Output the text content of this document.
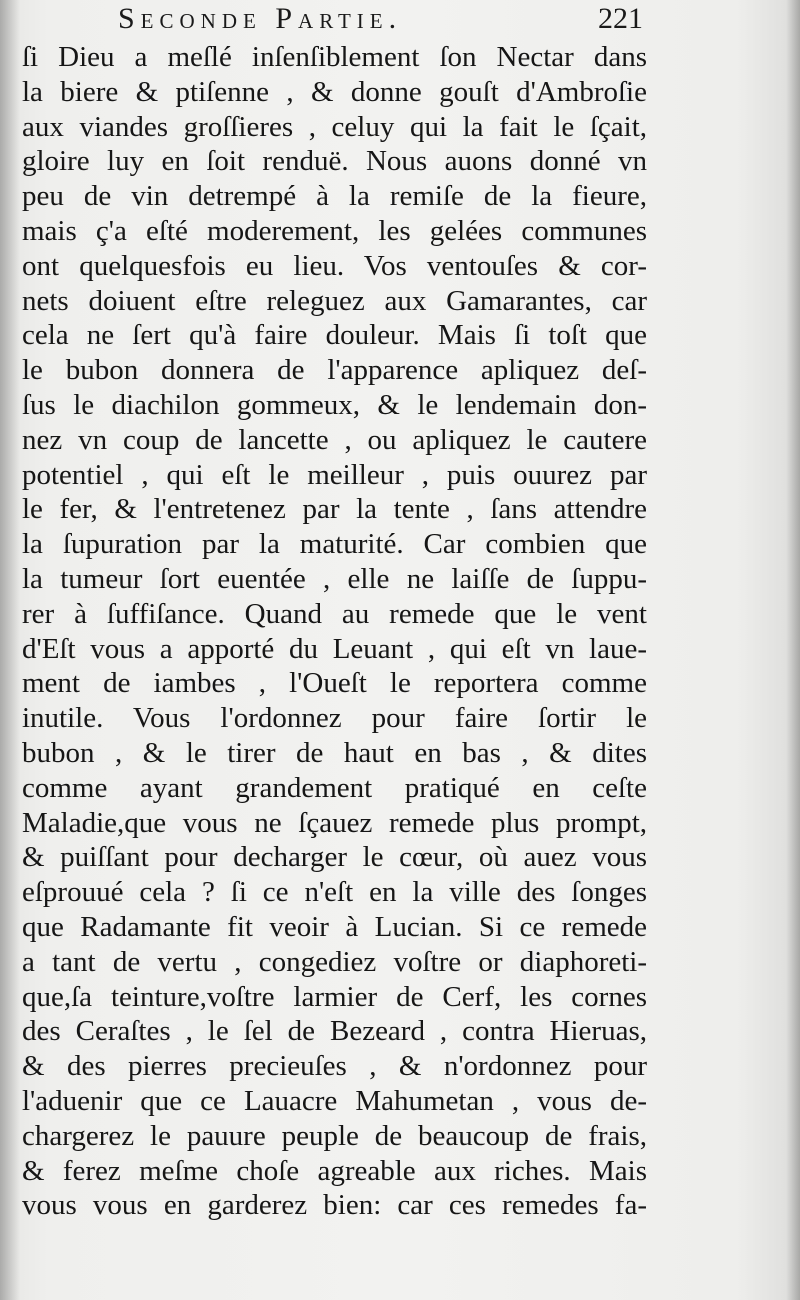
Seconde Partie.	221
ſi Dieu a meſlé inſenſiblement ſon Nectar dans
la biere & ptiſenne , & donne gouſt d'Ambroſie
aux viandes groſſieres , celuy qui la fait le ſçait,
gloire luy en ſoit renduë. Nous auons donné vn
peu de vin detrempé à la remiſe de la fieure,
mais ç'a eſté moderement, les gelées communes
ont quelquesfois eu lieu. Vos ventouſes & cor-
nets doiuent eſtre releguez aux Gamarantes, car
cela ne ſert qu'à faire douleur. Mais ſi toſt que
le bubon donnera de l'apparence apliquez deſ-
ſus le diachilon gommeux, & le lendemain don-
nez vn coup de lancette , ou apliquez le cautere
potentiel , qui eſt le meilleur , puis ouurez par
le fer, & l'entretenez par la tente , ſans attendre
la ſupuration par la maturité. Car combien que
la tumeur ſort euentée , elle ne laiſſe de ſuppu-
rer à ſuffiſance. Quand au remede que le vent
d'Eſt vous a apporté du Leuant , qui eſt vn laue-
ment de iambes , l'Oueſt le reportera comme
inutile. Vous l'ordonnez pour faire ſortir le
bubon , & le tirer de haut en bas , & dites
comme ayant grandement pratiqué en ceſte
Maladie,que vous ne ſçauez remede plus prompt,
& puiſſant pour decharger le cœur, où auez vous
eſprouué cela ? ſi ce n'eſt en la ville des ſonges
que Radamante fit veoir à Lucian. Si ce remede
a tant de vertu , congediez voſtre or diaphoreti-
que,ſa teinture,voſtre larmier de Cerf, les cornes
des Ceraſtes , le ſel de Bezeard , contra Hieruas,
& des pierres precieuſes , & n'ordonnez pour
l'aduenir que ce Lauacre Mahumetan , vous de-
chargerez le pauure peuple de beaucoup de frais,
& ferez meſme choſe agreable aux riches. Mais
vous vous en garderez bien: car ces remedes fa-
